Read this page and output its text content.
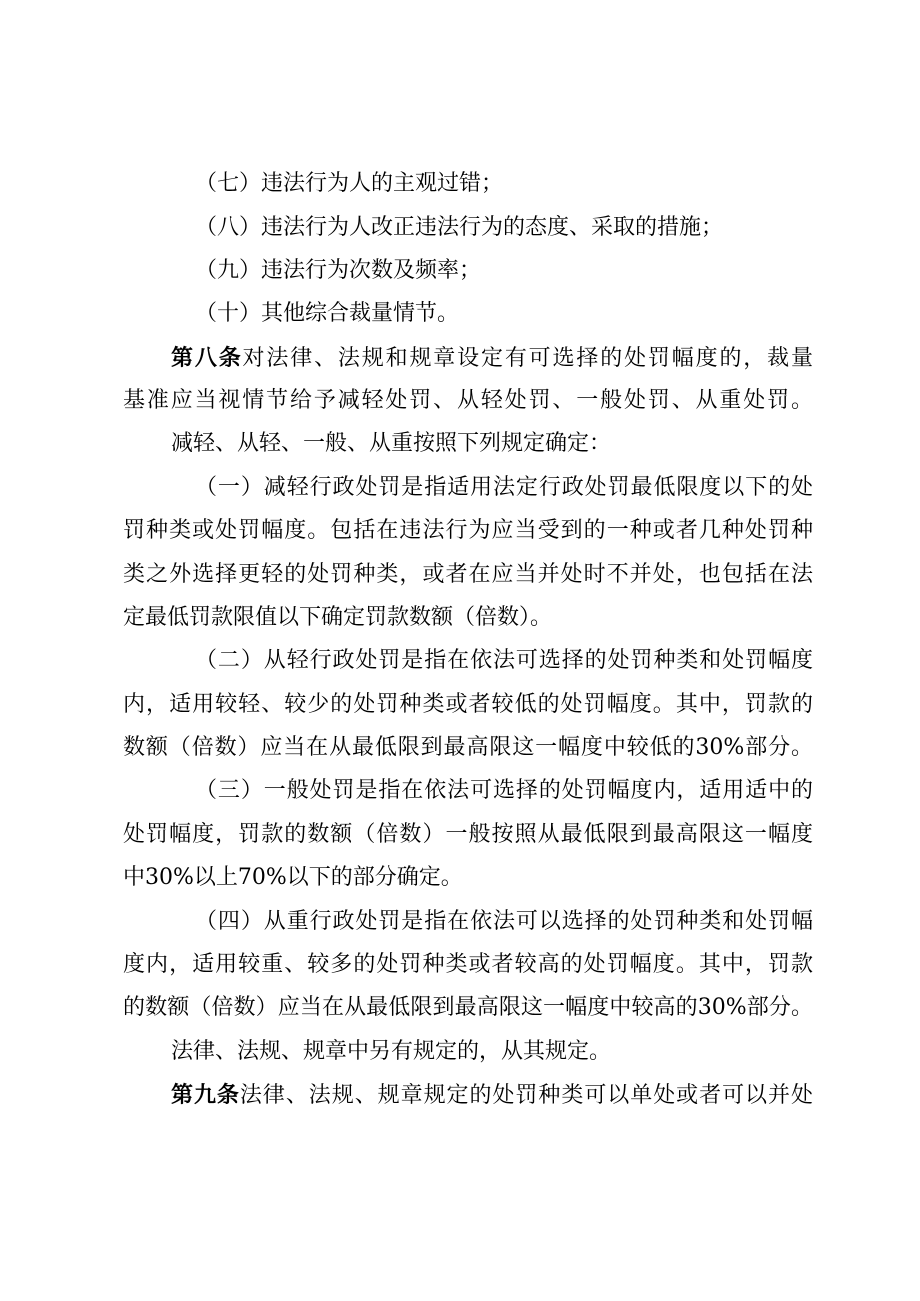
（七）违法行为人的主观过错；
（八）违法行为人改正违法行为的态度、采取的措施；
（九）违法行为次数及频率；
（十）其他综合裁量情节。
第八条对法律、法规和规章设定有可选择的处罚幅度的，裁量
基准应当视情节给予减轻处罚、从轻处罚、一般处罚、从重处罚。
减轻、从轻、一般、从重按照下列规定确定：
（一）减轻行政处罚是指适用法定行政处罚最低限度以下的处
罚种类或处罚幅度。包括在违法行为应当受到的一种或者几种处罚种
类之外选择更轻的处罚种类，或者在应当并处时不并处，也包括在法
定最低罚款限值以下确定罚款数额（倍数）。
（二）从轻行政处罚是指在依法可选择的处罚种类和处罚幅度
内，适用较轻、较少的处罚种类或者较低的处罚幅度。其中，罚款的
数额（倍数）应当在从最低限到最高限这一幅度中较低的30%部分。
（三）一般处罚是指在依法可选择的处罚幅度内，适用适中的
处罚幅度，罚款的数额（倍数）一般按照从最低限到最高限这一幅度
中30%以上70%以下的部分确定。
（四）从重行政处罚是指在依法可以选择的处罚种类和处罚幅
度内，适用较重、较多的处罚种类或者较高的处罚幅度。其中，罚款
的数额（倍数）应当在从最低限到最高限这一幅度中较高的30%部分。
法律、法规、规章中另有规定的，从其规定。
第九条法律、法规、规章规定的处罚种类可以单处或者可以并处
